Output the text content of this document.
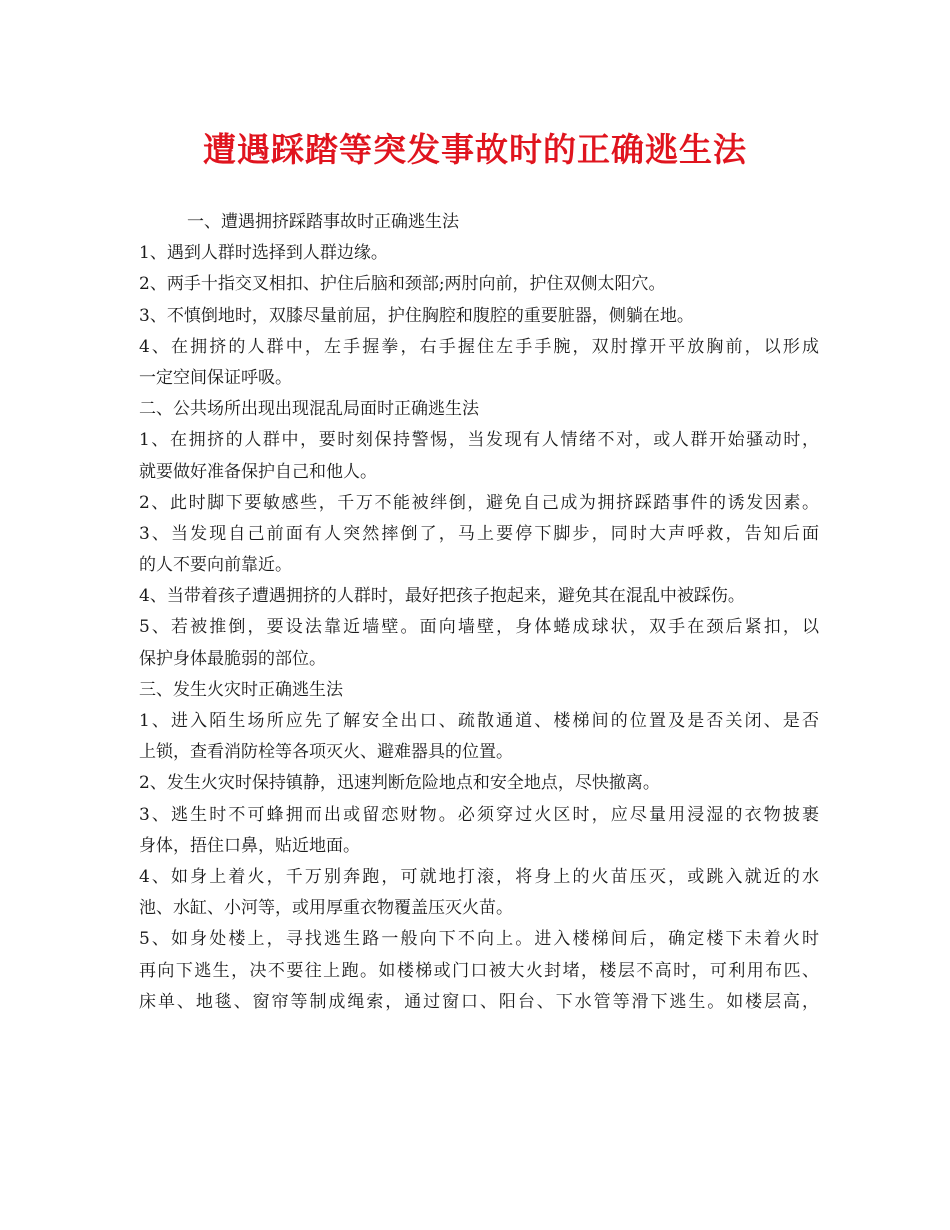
遭遇踩踏等突发事故时的正确逃生法
一、遭遇拥挤踩踏事故时正确逃生法
1、遇到人群时选择到人群边缘。
2、两手十指交叉相扣、护住后脑和颈部;两肘向前，护住双侧太阳穴。
3、不慎倒地时，双膝尽量前屈，护住胸腔和腹腔的重要脏器，侧躺在地。
4、在拥挤的人群中，左手握拳，右手握住左手手腕，双肘撑开平放胸前，以形成
一定空间保证呼吸。
二、公共场所出现出现混乱局面时正确逃生法
1、在拥挤的人群中，要时刻保持警惕，当发现有人情绪不对，或人群开始骚动时，
就要做好准备保护自己和他人。
2、此时脚下要敏感些，千万不能被绊倒，避免自己成为拥挤踩踏事件的诱发因素。
3、当发现自己前面有人突然摔倒了，马上要停下脚步，同时大声呼救，告知后面
的人不要向前靠近。
4、当带着孩子遭遇拥挤的人群时，最好把孩子抱起来，避免其在混乱中被踩伤。
5、若被推倒，要设法靠近墙壁。面向墙壁，身体蜷成球状，双手在颈后紧扣，以
保护身体最脆弱的部位。
三、发生火灾时正确逃生法
1、进入陌生场所应先了解安全出口、疏散通道、楼梯间的位置及是否关闭、是否
上锁，查看消防栓等各项灭火、避难器具的位置。
2、发生火灾时保持镇静，迅速判断危险地点和安全地点，尽快撤离。
3、逃生时不可蜂拥而出或留恋财物。必须穿过火区时，应尽量用浸湿的衣物披裹
身体，捂住口鼻，贴近地面。
4、如身上着火，千万别奔跑，可就地打滚，将身上的火苗压灭，或跳入就近的水
池、水缸、小河等，或用厚重衣物覆盖压灭火苗。
5、如身处楼上，寻找逃生路一般向下不向上。进入楼梯间后，确定楼下未着火时
再向下逃生，决不要往上跑。如楼梯或门口被大火封堵，楼层不高时，可利用布匹、
床单、地毯、窗帘等制成绳索，通过窗口、阳台、下水管等滑下逃生。如楼层高，
